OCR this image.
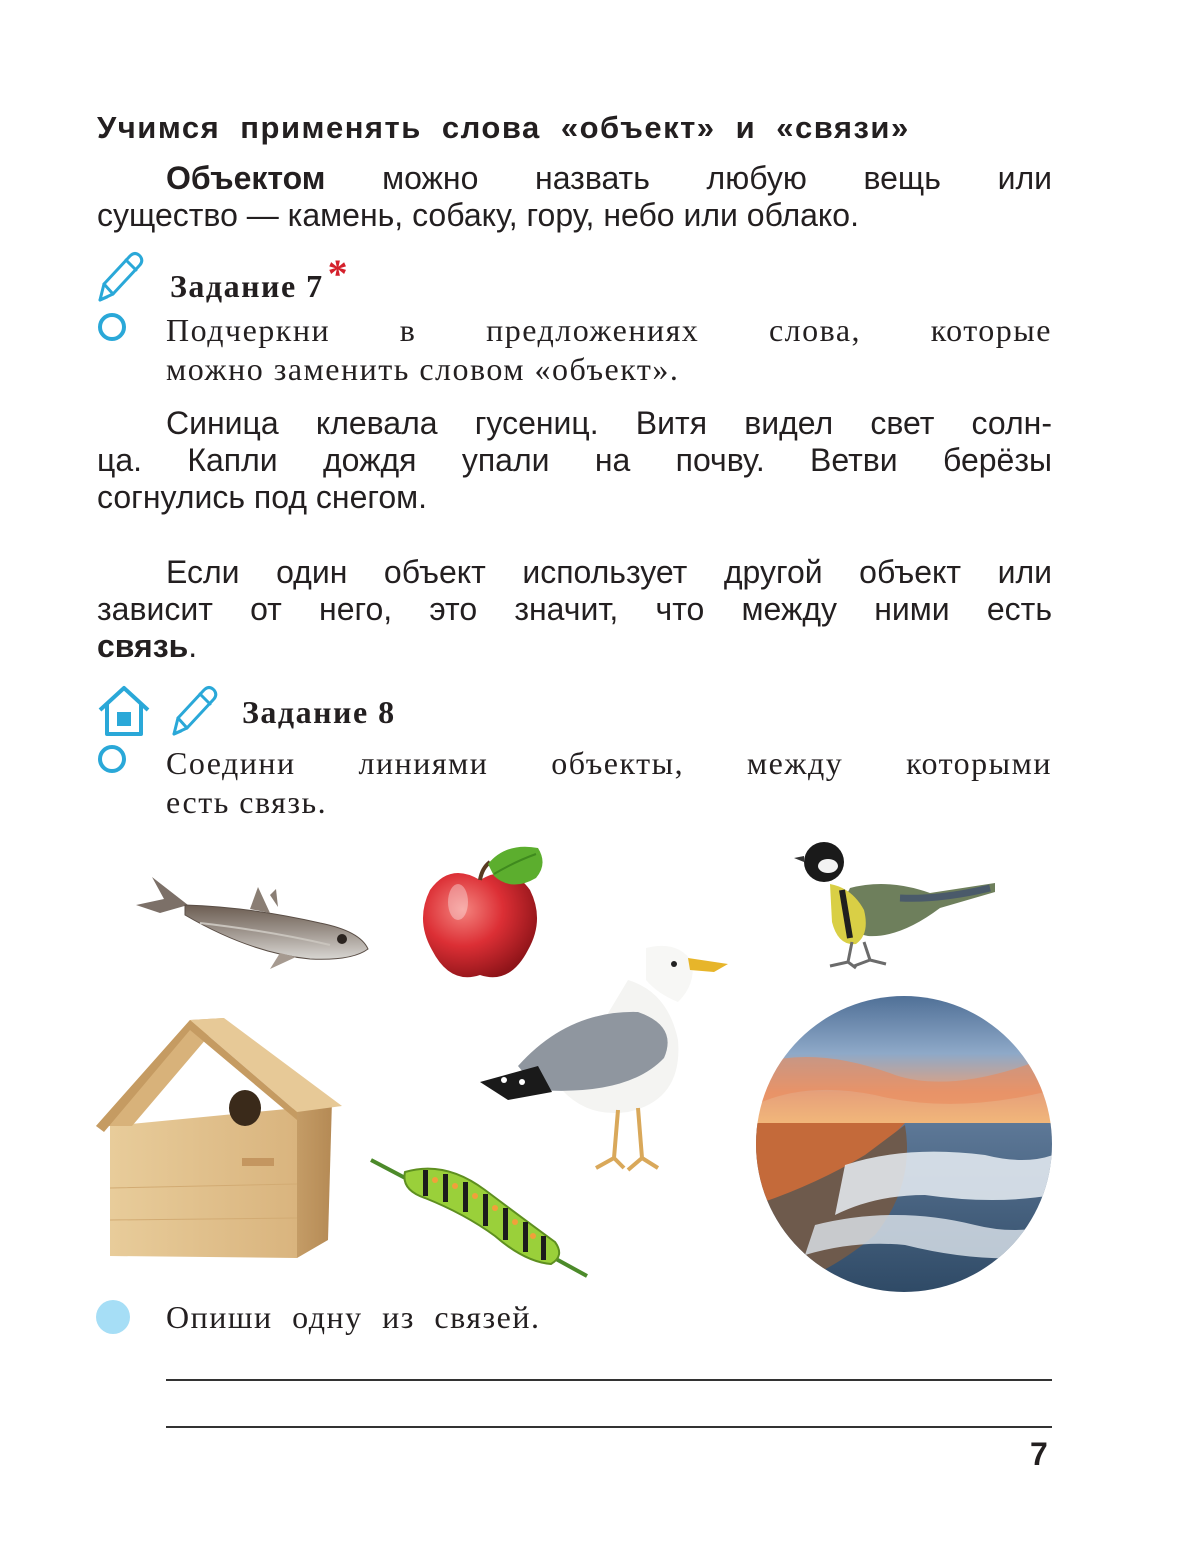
Учимся применять слова «объект» и «связи»
Объектом можно назвать любую вещь или
существо — камень, собаку, гору, небо или облако.
Задание 7 *
Подчеркни в предложениях слова, которые
можно заменить словом «объект».
Синица клевала гусениц. Витя видел свет солн-
ца. Капли дождя упали на почву. Ветви берёзы
согнулись под снегом.
Если один объект использует другой объект или
зависит от него, это значит, что между ними есть
связь.
Задание 8
Соедини линиями объекты, между которыми
есть связь.
Опиши одну из связей.
7
